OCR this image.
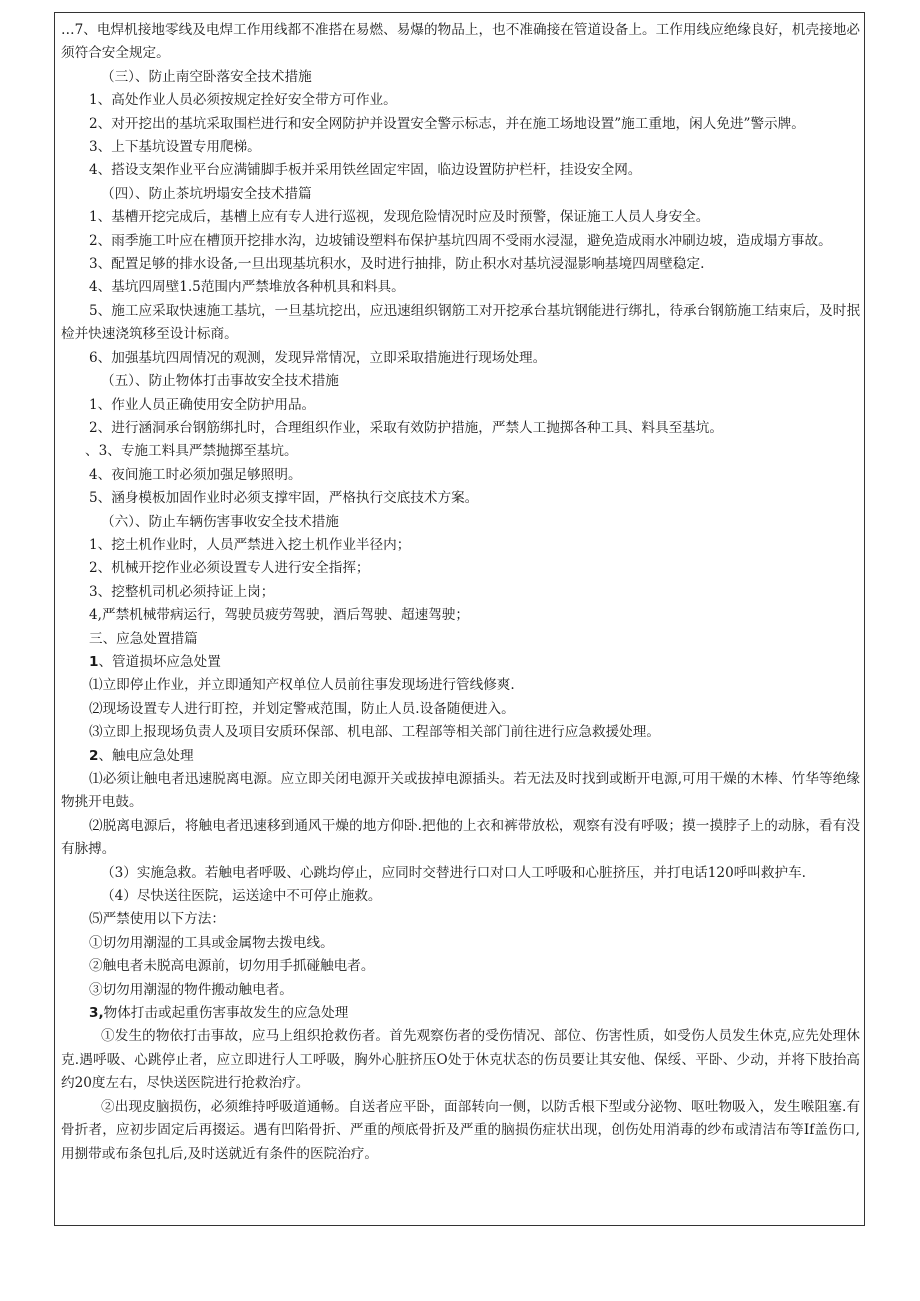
…7、电焊机接地零线及电焊工作用线都不准搭在易燃、易爆的物品上，也不准确接在管道设备上。工作用线应绝缘良好，机壳接地必须符合安全规定。

（三）、防止南空卧落安全技术措施

1、高处作业人员必须按规定拴好安全带方可作业。

2、对开挖出的基坑采取围栏进行和安全网防护并设置安全警示标志，并在施工场地设置”施工重地，闲人免进”警示牌。

3、上下基坑设置专用爬梯。

4、搭设支架作业平台应满铺脚手板并采用铁丝固定牢固，临边设置防护栏杆，挂设安全网。

（四）、防止茶坑坍塌安全技术措篇

1、基槽开挖完成后，基槽上应有专人进行巡视，发现危险情况时应及时预警，保证施工人员人身安全。

2、雨季施工叶应在槽顶开挖排水沟，边坡铺设塑料布保护基坑四周不受雨水浸湿，避免造成雨水冲刷边坡，造成塌方事故。

3、配置足够的排水设备,一旦出现基坑积水，及时进行抽排，防止积水对基坑浸湿影响基境四周壁稳定.

4、基坑四周壁1.5范围内严禁堆放各种机具和料具。

5、施工应采取快速施工基坑，一旦基坑挖出，应迅速组织钢筋工对开挖承台基坑钢能进行绑扎，待承台钢筋施工结束后，及时抿检并快速浇筑移至设计标商。

6、加强基坑四周情况的观测，发现异常情况，立即采取措施进行现场处理。

（五）、防止物体打击事故安全技术措施

1、作业人员正确使用安全防护用品。

2、进行涵洞承台钢筋绑扎时，合理组织作业，采取有效防护措施，严禁人工抛掷各种工具、料具至基坑。

、3、专施工料具严禁抛掷至基坑。

4、夜间施工时必须加强足够照明。

5、涵身模板加固作业时必须支撑牢固，严格执行交底技术方案。

（六）、防止车辆伤害事收安全技术措施

1、挖土机作业时，人员严禁进入挖土机作业半径内；

2、机械开挖作业必须设置专人进行安全指挥；

3、挖整机司机必须持证上岗；

4,严禁机械带病运行，驾驶员疲劳驾驶，酒后驾驶、超速驾驶；

三、应急处置措篇

1、管道损坏应急处置

⑴立即停止作业，并立即通知产权单位人员前往事发现场进行管线修爽.

⑵现场设置专人进行盯控，并划定警戒范围，防止人员.设备随便进入。

⑶立即上报现场负责人及项目安质环保部、机电部、工程部等相关部门前往进行应急救援处理。

2、触电应急处理

⑴必须让触电者迅速脱离电源。应立即关闭电源开关或拔掉电源插头。若无法及时找到或断开电源,可用干燥的木棒、竹华等绝缘物挑开电鼓。

⑵脱离电源后，将触电者迅速移到通风干燥的地方仰卧.把他的上衣和裤带放松，观察有没有呼吸；摸一摸脖子上的动脉，看有没有脉搏。

（3）实施急救。若触电者呼吸、心跳均停止，应同时交替进行口对口人工呼吸和心脏挤压，并打电话120呼叫救护车.

（4）尽快送往医院，运送途中不可停止施救。

⑸严禁使用以下方法：

①切勿用潮湿的工具或金属物去拨电线。

②触电者未脱高电源前，切勿用手抓碰触电者。

③切勿用潮湿的物件搬动触电者。

3,物体打击或起重伤害事故发生的应急处理

①发生的物依打击事故，应马上组织抢救伤者。首先观察伤者的受伤情况、部位、伤害性质，如受伤人员发生休克,应先处理休克.遇呼吸、心跳停止者，应立即进行人工呼吸，胸外心脏挤压O处于休克状态的伤员要让其安他、保绥、平卧、少动，并将下肢抬高约20度左右，尽快送医院进行抢救治疗。

②出现皮脑损伤，必须维持呼吸道通畅。自送者应平卧，面部转向一侧，以防舌根下型或分泌物、呕吐物吸入，发生喉阻塞.有骨折者，应初步固定后再掇运。遇有凹陷骨折、严重的颅底骨折及严重的脑损伤症状出现，创伤处用消毒的纱布或清洁布等If盖伤口,用捌带或布条包扎后,及时送就近有条件的医院治疗。
